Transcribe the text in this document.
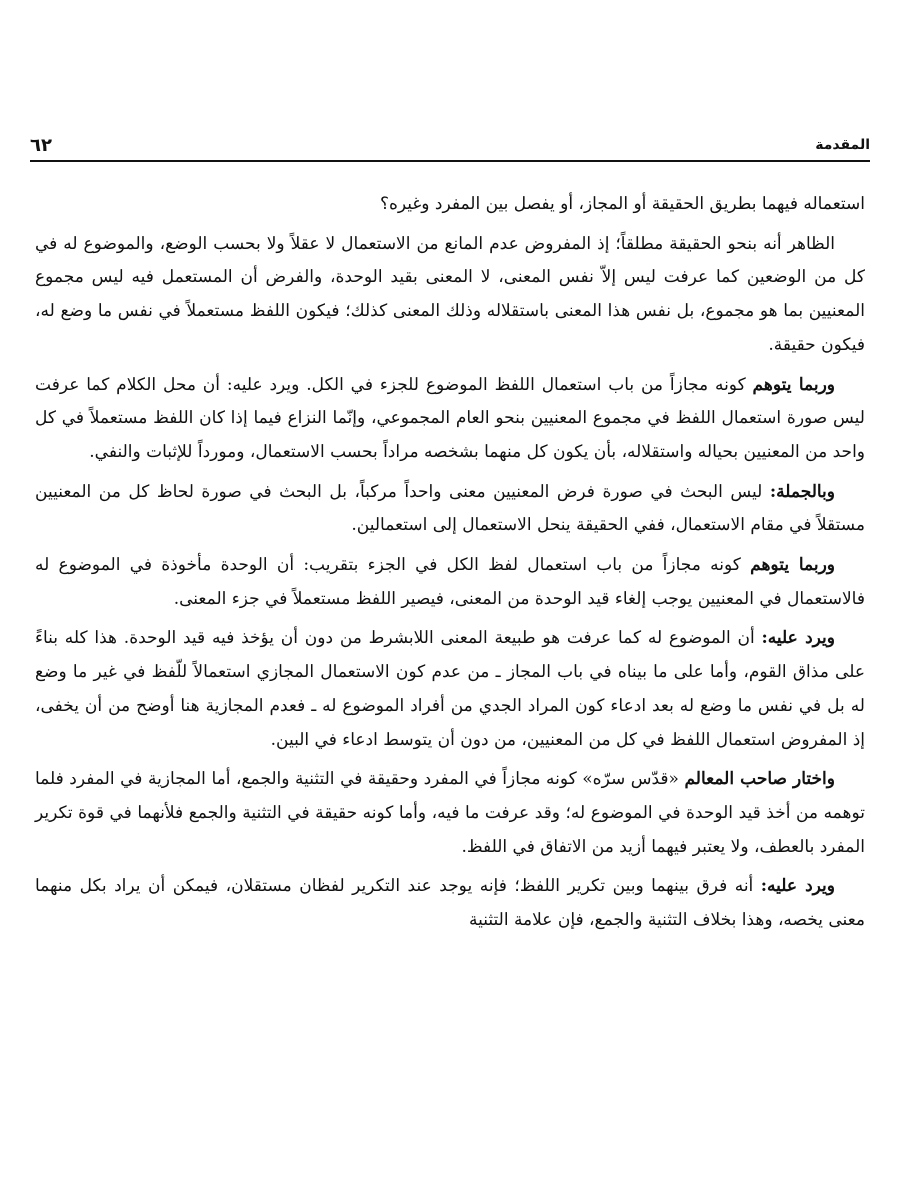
المقدمة
٦٢

استعماله فيهما بطريق الحقيقة أو المجاز، أو يفصل بين المفرد وغيره؟

الظاهر أنه بنحو الحقيقة مطلقاً؛ إذ المفروض عدم المانع من الاستعمال لا عقلاً ولا بحسب الوضع، والموضوع له في كل من الوضعين كما عرفت ليس إلاّ نفس المعنى، لا المعنى بقيد الوحدة، والفرض أن المستعمل فيه ليس مجموع المعنيين بما هو مجموع، بل نفس هذا المعنى باستقلاله وذلك المعنى كذلك؛ فيكون اللفظ مستعملاً في نفس ما وضع له، فيكون حقيقة.

وربما يتوهم كونه مجازاً من باب استعمال اللفظ الموضوع للجزء في الكل. ويرد عليه: أن محل الكلام كما عرفت ليس صورة استعمال اللفظ في مجموع المعنيين بنحو العام المجموعي، وإنّما النزاع فيما إذا كان اللفظ مستعملاً في كل واحد من المعنيين بحياله واستقلاله، بأن يكون كل منهما بشخصه مراداً بحسب الاستعمال، ومورداً للإثبات والنفي.

وبالجملة: ليس البحث في صورة فرض المعنيين معنى واحداً مركباً، بل البحث في صورة لحاظ كل من المعنيين مستقلاً في مقام الاستعمال، ففي الحقيقة ينحل الاستعمال إلى استعمالين.

وربما يتوهم كونه مجازاً من باب استعمال لفظ الكل في الجزء بتقريب: أن الوحدة مأخوذة في الموضوع له فالاستعمال في المعنيين يوجب إلغاء قيد الوحدة من المعنى، فيصير اللفظ مستعملاً في جزء المعنى.

ويرد عليه: أن الموضوع له كما عرفت هو طبيعة المعنى اللابشرط من دون أن يؤخذ فيه قيد الوحدة. هذا كله بناءً على مذاق القوم، وأما على ما بيناه في باب المجاز ـ من عدم كون الاستعمال المجازي استعمالاً للّفظ في غير ما وضع له بل في نفس ما وضع له بعد ادعاء كون المراد الجدي من أفراد الموضوع له ـ فعدم المجازية هنا أوضح من أن يخفى، إذ المفروض استعمال اللفظ في كل من المعنيين، من دون أن يتوسط ادعاء في البين.

واختار صاحب المعالم «قدّس سرّه» كونه مجازاً في المفرد وحقيقة في التثنية والجمع، أما المجازية في المفرد فلما توهمه من أخذ قيد الوحدة في الموضوع له؛ وقد عرفت ما فيه، وأما كونه حقيقة في التثنية والجمع فلأنهما في قوة تكرير المفرد بالعطف، ولا يعتبر فيهما أزيد من الاتفاق في اللفظ.

ويرد عليه: أنه فرق بينهما وبين تكرير اللفظ؛ فإنه يوجد عند التكرير لفظان مستقلان، فيمكن أن يراد بكل منهما معنى يخصه، وهذا بخلاف التثنية والجمع، فإن علامة التثنية
